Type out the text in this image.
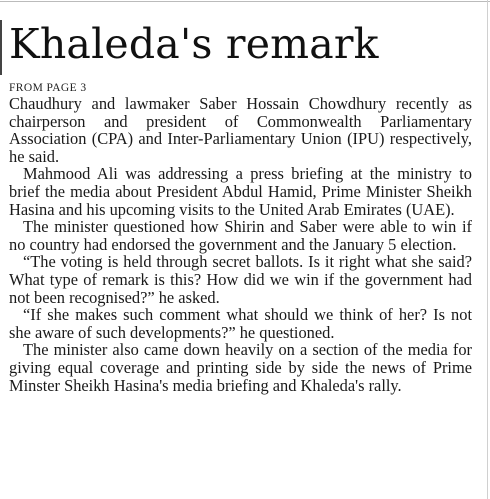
Khaleda's remark
FROM PAGE 3

Chaudhury and lawmaker Saber Hossain Chowdhury recently as chairperson and president of Commonwealth Parliamentary Association (CPA) and Inter-Parliamentary Union (IPU) respectively, he said.

Mahmood Ali was addressing a press briefing at the ministry to brief the media about President Abdul Hamid, Prime Minister Sheikh Hasina and his upcoming visits to the United Arab Emirates (UAE).

The minister questioned how Shirin and Saber were able to win if no country had endorsed the government and the January 5 election.

“The voting is held through secret ballots. Is it right what she said? What type of remark is this? How did we win if the government had not been recognised?” he asked.

“If she makes such comment what should we think of her? Is not she aware of such developments?” he questioned.

The minister also came down heavily on a section of the media for giving equal coverage and printing side by side the news of Prime Minster Sheikh Hasina's media briefing and Khaleda's rally.
